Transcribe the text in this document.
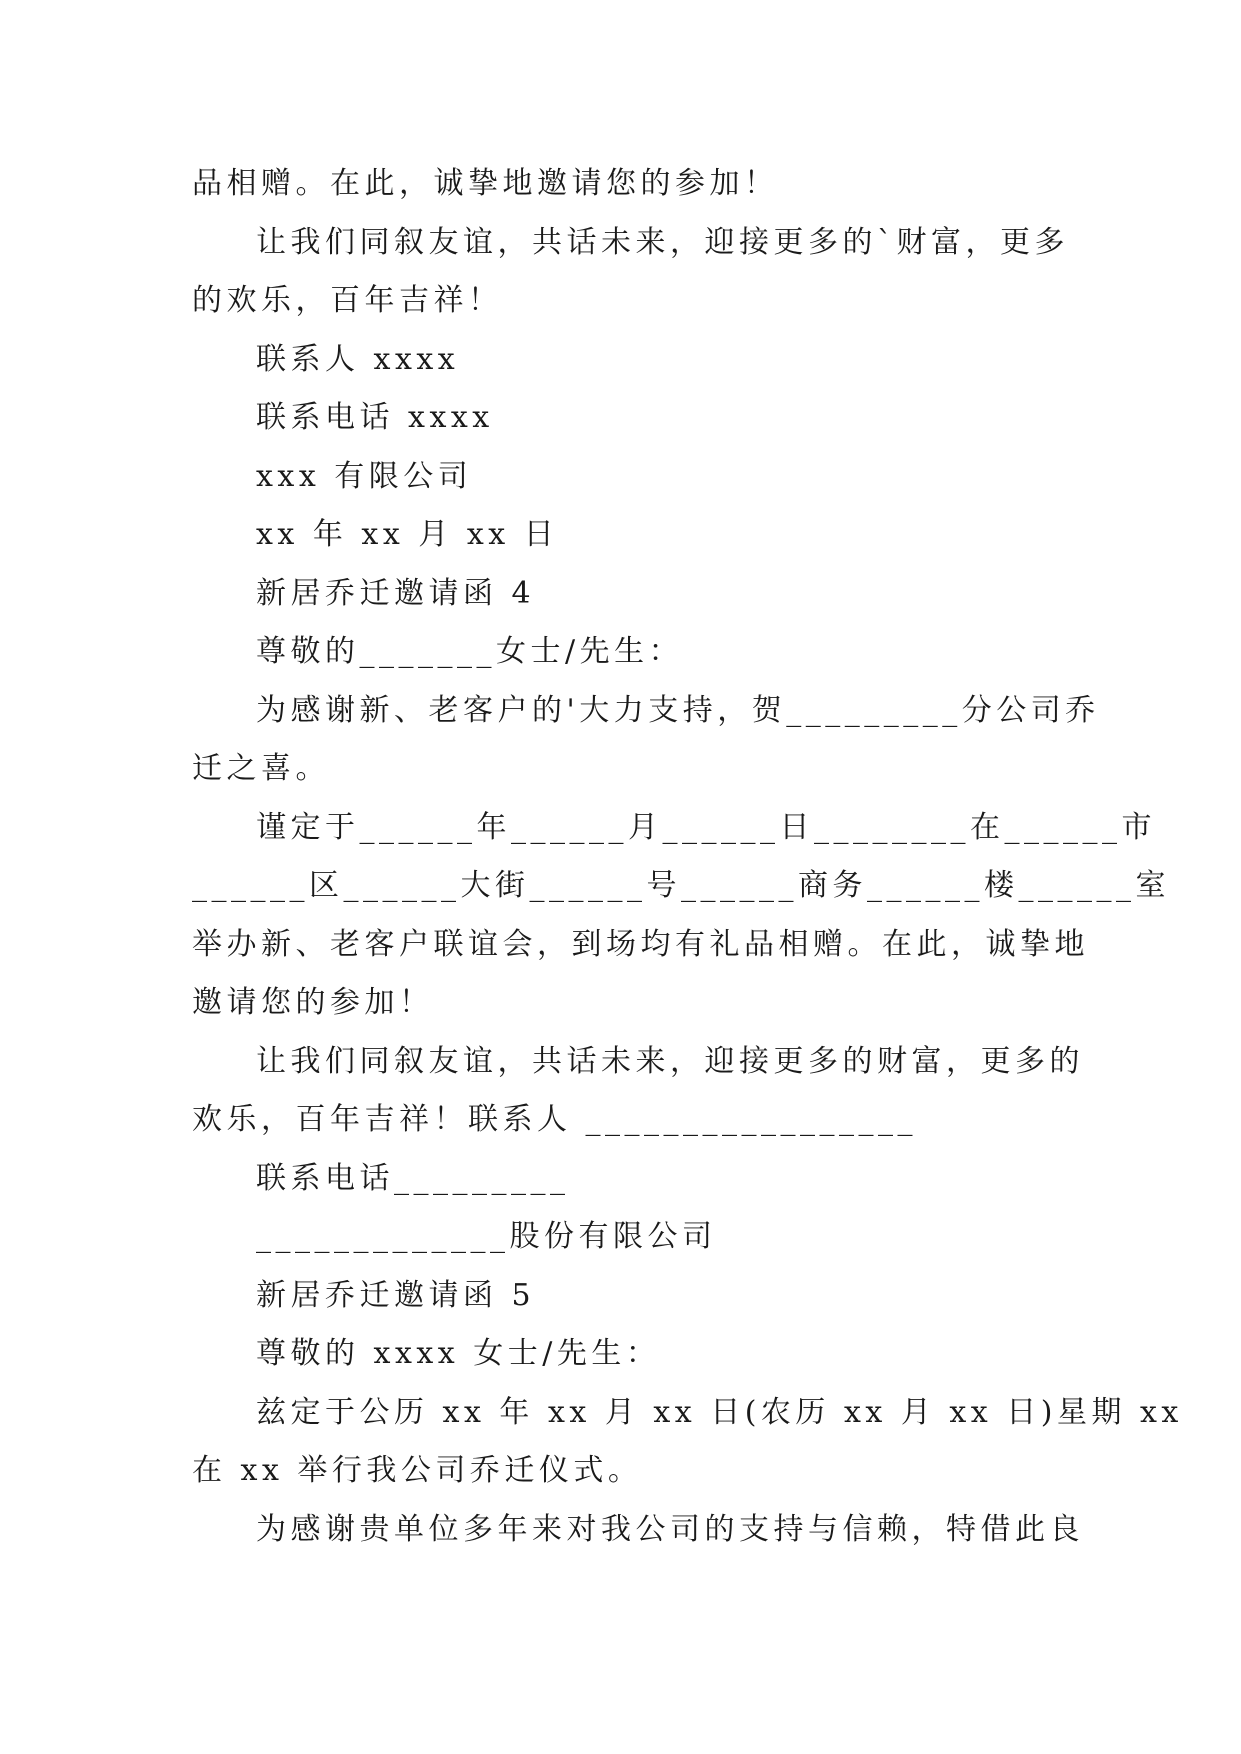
品相赠。在此，诚挚地邀请您的参加！
让我们同叙友谊，共话未来，迎接更多的`财富，更多
的欢乐，百年吉祥！
联系人 xxxx
联系电话 xxxx
xxx 有限公司
xx 年 xx 月 xx 日
新居乔迁邀请函 4
尊敬的_______女士/先生：
为感谢新、老客户的'大力支持，贺_________分公司乔
迁之喜。
谨定于______年______月______日________在______市
______区______大街______号______商务______楼______室
举办新、老客户联谊会，到场均有礼品相赠。在此，诚挚地
邀请您的参加！
让我们同叙友谊，共话未来，迎接更多的财富，更多的
欢乐，百年吉祥！联系人 _________________
联系电话_________
_____________股份有限公司
新居乔迁邀请函 5
尊敬的 xxxx 女士/先生：
兹定于公历 xx 年 xx 月 xx 日(农历 xx 月 xx 日)星期 xx
在 xx 举行我公司乔迁仪式。
为感谢贵单位多年来对我公司的支持与信赖，特借此良
